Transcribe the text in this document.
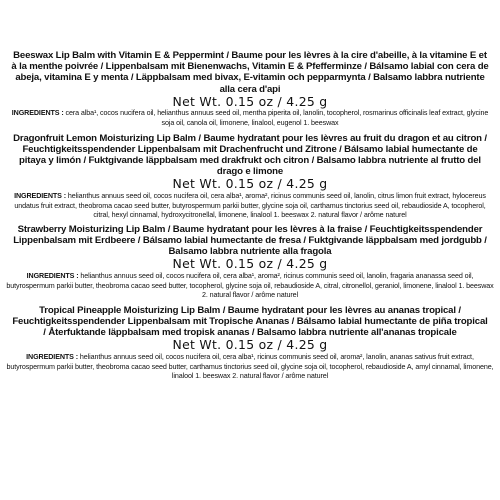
Beeswax Lip Balm with Vitamin E & Peppermint / Baume pour les lèvres à la cire d'abeille, à la vitamine E et à la menthe poivrée / Lippenbalsam mit Bienenwachs, Vitamin E & Pfefferminze / Bálsamo labial con cera de abeja, vitamina E y menta / Läppbalsam med bivax, E-vitamin och pepparmynta / Balsamo labbra nutriente alla cera d'api
Net Wt. 0.15 oz / 4.25 g
INGREDIENTS : cera alba¹, cocos nucifera oil, helianthus annuus seed oil, mentha piperita oil, lanolin, tocopherol, rosmarinus officinalis leaf extract, glycine soja oil, canola oil, limonene, linalool, eugenol 1. beeswax
Dragonfruit Lemon Moisturizing Lip Balm / Baume hydratant pour les lèvres au fruit du dragon et au citron / Feuchtigkeitsspendender Lippenbalsam mit Drachenfrucht und Zitrone / Bálsamo labial humectante de pitaya y limón / Fuktgivande läppbalsam med drakfrukt och citron / Balsamo labbra nutriente al frutto del drago e limone
Net Wt. 0.15 oz / 4.25 g
INGREDIENTS : helianthus annuus seed oil, cocos nucifera oil, cera alba¹, aroma², ricinus communis seed oil, lanolin, citrus limon fruit extract, hylocereus undatus fruit extract, theobroma cacao seed butter, butyrospermum parkii butter, glycine soja oil, carthamus tinctorius seed oil, rebaudioside A, tocopherol, citral, hexyl cinnamal, hydroxycitronellal, limonene, linalool 1. beeswax 2. natural flavor / arôme naturel
Strawberry Moisturizing Lip Balm / Baume hydratant pour les lèvres à la fraise / Feuchtigkeitsspendender Lippenbalsam mit Erdbeere / Bálsamo labial humectante de fresa / Fuktgivande läppbalsam med jordgubb / Balsamo labbra nutriente alla fragola
Net Wt. 0.15 oz / 4.25 g
INGREDIENTS : helianthus annuus seed oil, cocos nucifera oil, cera alba¹, aroma², ricinus communis seed oil, lanolin, fragaria ananassa seed oil, butyrospermum parkii butter, theobroma cacao seed butter, tocopherol, glycine soja oil, rebaudioside A, citral, citronellol, geraniol, limonene, linalool 1. beeswax 2. natural flavor / arôme naturel
Tropical Pineapple Moisturizing Lip Balm / Baume hydratant pour les lèvres au ananas tropical / Feuchtigkeitsspendender Lippenbalsam mit Tropische Ananas / Bálsamo labial humectante de piña tropical / Återfuktande läppbalsam med tropisk ananas / Balsamo labbra nutriente all'ananas tropicale
Net Wt. 0.15 oz / 4.25 g
INGREDIENTS : helianthus annuus seed oil, cocos nucifera oil, cera alba¹, ricinus communis seed oil, aroma², lanolin, ananas sativus fruit extract, butyrospermum parkii butter, theobroma cacao seed butter, carthamus tinctorius seed oil, glycine soja oil, tocopherol, rebaudioside A, amyl cinnamal, limonene, linalool 1. beeswax 2. natural flavor / arôme naturel
